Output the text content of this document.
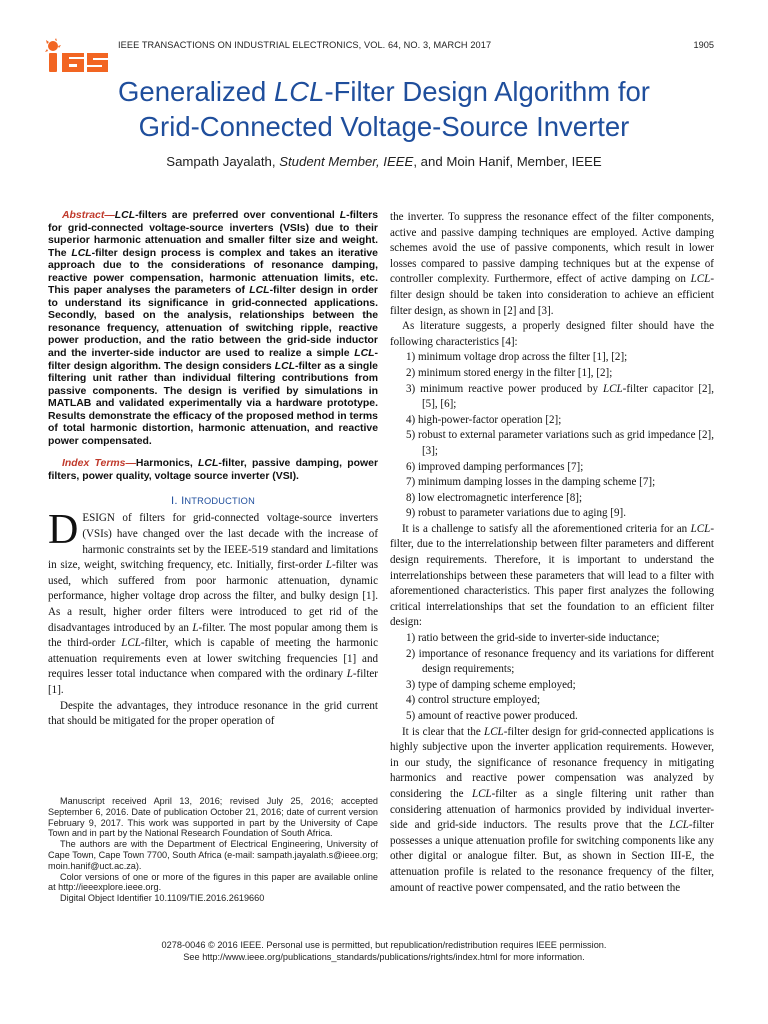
IEEE TRANSACTIONS ON INDUSTRIAL ELECTRONICS, VOL. 64, NO. 3, MARCH 2017	1905
Generalized LCL-Filter Design Algorithm for
Grid-Connected Voltage-Source Inverter
Sampath Jayalath, Student Member, IEEE, and Moin Hanif, Member, IEEE

Abstract—LCL-filters are preferred over conventional L-filters for grid-connected voltage-source inverters (VSIs) due to their superior harmonic attenuation and smaller filter size and weight. The LCL-filter design process is complex and takes an iterative approach due to the considerations of resonance damping, reactive power compensation, harmonic attenuation limits, etc. This paper analyses the parameters of LCL-filter design in order to understand its significance in grid-connected applications. Secondly, based on the analysis, relationships between the resonance frequency, attenuation of switching ripple, reactive power production, and the ratio between the grid-side inductor and the inverter-side inductor are used to realize a simple LCL-filter design algorithm. The design considers LCL-filter as a single filtering unit rather than individual filtering contributions from passive components. The design is verified by simulations in MATLAB and validated experimentally via a hardware prototype. Results demonstrate the efficacy of the proposed method in terms of total harmonic distortion, harmonic attenuation, and reactive power compensated.

Index Terms—Harmonics, LCL-filter, passive damping, power filters, power quality, voltage source inverter (VSI).

I. INTRODUCTION

DESIGN of filters for grid-connected voltage-source inverters (VSIs) have changed over the last decade with the increase of harmonic constraints set by the IEEE-519 standard and limitations in size, weight, switching frequency, etc. Initially, first-order L-filter was used, which suffered from poor harmonic attenuation, dynamic performance, higher voltage drop across the filter, and bulky design [1]. As a result, higher order filters were introduced to get rid of the disadvantages introduced by an L-filter. The most popular among them is the third-order LCL-filter, which is capable of meeting the harmonic attenuation requirements even at lower switching frequencies [1] and requires lesser total inductance when compared with the ordinary L-filter [1].

Despite the advantages, they introduce resonance in the grid current that should be mitigated for the proper operation of

Manuscript received April 13, 2016; revised July 25, 2016; accepted September 6, 2016. Date of publication October 21, 2016; date of current version February 9, 2017. This work was supported in part by the University of Cape Town and in part by the National Research Foundation of South Africa.

The authors are with the Department of Electrical Engineering, University of Cape Town, Cape Town 7700, South Africa (e-mail: sampath.jayalath.s@ieee.org; moin.hanif@uct.ac.za).

Color versions of one or more of the figures in this paper are available online at http://ieeexplore.ieee.org.

Digital Object Identifier 10.1109/TIE.2016.2619660

the inverter. To suppress the resonance effect of the filter components, active and passive damping techniques are employed. Active damping schemes avoid the use of passive components, which result in lower losses compared to passive damping techniques but at the expense of controller complexity. Furthermore, effect of active damping on LCL-filter design should be taken into consideration to achieve an efficient filter design, as shown in [2] and [3].

As literature suggests, a properly designed filter should have the following characteristics [4]:

1) minimum voltage drop across the filter [1], [2];
2) minimum stored energy in the filter [1], [2];
3) minimum reactive power produced by LCL-filter capacitor [2], [5], [6];
4) high-power-factor operation [2];
5) robust to external parameter variations such as grid impedance [2], [3];
6) improved damping performances [7];
7) minimum damping losses in the damping scheme [7];
8) low electromagnetic interference [8];
9) robust to parameter variations due to aging [9].

It is a challenge to satisfy all the aforementioned criteria for an LCL-filter, due to the interrelationship between filter parameters and different design requirements. Therefore, it is important to understand the interrelationships between these parameters that will lead to a filter with aforementioned characteristics. This paper first analyzes the following critical interrelationships that set the foundation to an efficient filter design:

1) ratio between the grid-side to inverter-side inductance;
2) importance of resonance frequency and its variations for different design requirements;
3) type of damping scheme employed;
4) control structure employed;
5) amount of reactive power produced.

It is clear that the LCL-filter design for grid-connected applications is highly subjective upon the inverter application requirements. However, in our study, the significance of resonance frequency in mitigating harmonics and reactive power compensation was analyzed by considering the LCL-filter as a single filtering unit rather than considering attenuation of harmonics provided by individual inverter-side and grid-side inductors. The results prove that the LCL-filter possesses a unique attenuation profile for switching components like any other digital or analogue filter. But, as shown in Section III-E, the attenuation profile is related to the resonance frequency of the filter, amount of reactive power compensated, and the ratio between the

0278-0046 © 2016 IEEE. Personal use is permitted, but republication/redistribution requires IEEE permission.
See http://www.ieee.org/publications_standards/publications/rights/index.html for more information.
